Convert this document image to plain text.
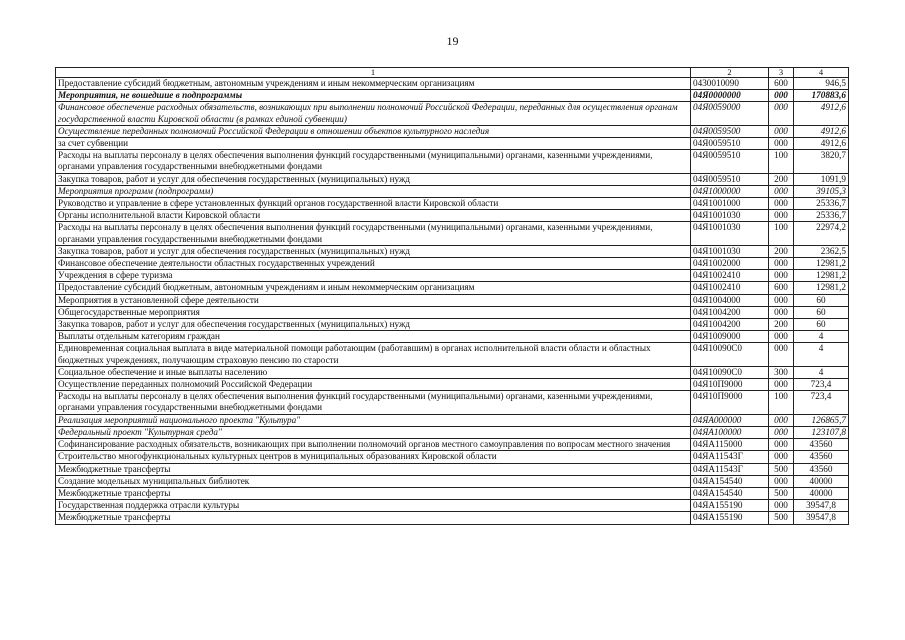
19
1	2	3	4
Предоставление субсидий бюджетным, автономным учреждениям и иным некоммерческим организациям	0430010090	600	946,5
Мероприятия, не вошедшие в подпрограммы	04Я0000000	000	170883,6
Финансовое обеспечение расходных обязательств, возникающих при выполнении полномочий Российской Федерации, переданных для осуществления органам государственной власти Кировской области (в рамках единой субвенции)	04Я0059000	000	4912,6
Осуществление переданных полномочий Российской Федерации в отношении объектов культурного наследия	04Я0059500	000	4912,6
за счет субвенции	04Я0059510	000	4912,6
Расходы на выплаты персоналу в целях обеспечения выполнения функций государственными (муниципальными) органами, казенными учреждениями, органами управления государственными внебюджетными фондами	04Я0059510	100	3820,7
Закупка товаров, работ и услуг для обеспечения государственных (муниципальных) нужд	04Я0059510	200	1091,9
Мероприятия программ (подпрограмм)	04Я1000000	000	39105,3
Руководство и управление в сфере установленных функций органов государственной власти Кировской области	04Я1001000	000	25336,7
Органы исполнительной власти Кировской области	04Я1001030	000	25336,7
Расходы на выплаты персоналу в целях обеспечения выполнения функций государственными (муниципальными) органами, казенными учреждениями, органами управления государственными внебюджетными фондами	04Я1001030	100	22974,2
Закупка товаров, работ и услуг для обеспечения государственных (муниципальных) нужд	04Я1001030	200	2362,5
Финансовое обеспечение деятельности областных государственных учреждений	04Я1002000	000	12981,2
Учреждения в сфере туризма	04Я1002410	000	12981,2
Предоставление субсидий бюджетным, автономным учреждениям и иным некоммерческим организациям	04Я1002410	600	12981,2
Мероприятия в установленной сфере деятельности	04Я1004000	000	60
Общегосударственные мероприятия	04Я1004200	000	60
Закупка товаров, работ и услуг для обеспечения государственных (муниципальных) нужд	04Я1004200	200	60
Выплаты отдельным категориям граждан	04Я1009000	000	4
Единовременная социальная выплата в виде материальной помощи работающим (работавшим) в органах исполнительной власти области и областных бюджетных учреждениях, получающим страховую пенсию по старости	04Я10090С0	000	4
Социальное обеспечение и иные выплаты населению	04Я10090С0	300	4
Осуществление переданных полномочий Российской Федерации	04Я10П9000	000	723,4
Расходы на выплаты персоналу в целях обеспечения выполнения функций государственными (муниципальными) органами, казенными учреждениями, органами управления государственными внебюджетными фондами	04Я10П9000	100	723,4
Реализация мероприятий национального проекта "Культура"	04ЯА000000	000	126865,7
Федеральный проект "Культурная среда"	04ЯА100000	000	123107,8
Софинансирование расходных обязательств, возникающих при выполнении полномочий органов местного самоуправления по вопросам местного значения	04ЯА115000	000	43560
Строительство многофункциональных культурных центров в муниципальных образованиях Кировской области	04ЯА11543Г	000	43560
Межбюджетные трансферты	04ЯА11543Г	500	43560
Создание модельных муниципальных библиотек	04ЯА154540	000	40000
Межбюджетные трансферты	04ЯА154540	500	40000
Государственная поддержка отрасли культуры	04ЯА155190	000	39547,8
Межбюджетные трансферты	04ЯА155190	500	39547,8
